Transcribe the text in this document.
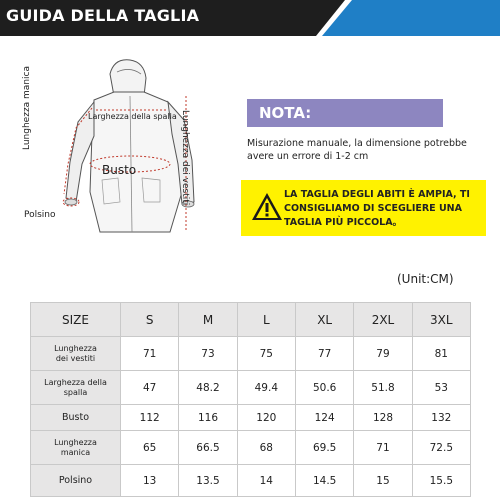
GUIDA DELLA TAGLIA
Larghezza della spalla
Lunghezza manica
Busto	Lunghezza dei vestiti
Polsino
NOTA:
Misurazione manuale, la dimensione potrebbe avere un errore di 1-2 cm
LA TAGLIA DEGLI ABITI È AMPIA, TI
CONSIGLIAMO DI SCEGLIERE UNA
TAGLIA PIÙ PICCOLA。
(Unit:CM)
SIZE	S	M	L	XL	2XL	3XL

Lunghezza
dei vestiti	71	73	75	77	79	81

Larghezza della
spalla	47	48.2	49.4	50.6	51.8	53

Busto	112	116	120	124	128	132

Lunghezza
manica	65	66.5	68	69.5	71	72.5

Polsino	13	13.5	14	14.5	15	15.5
